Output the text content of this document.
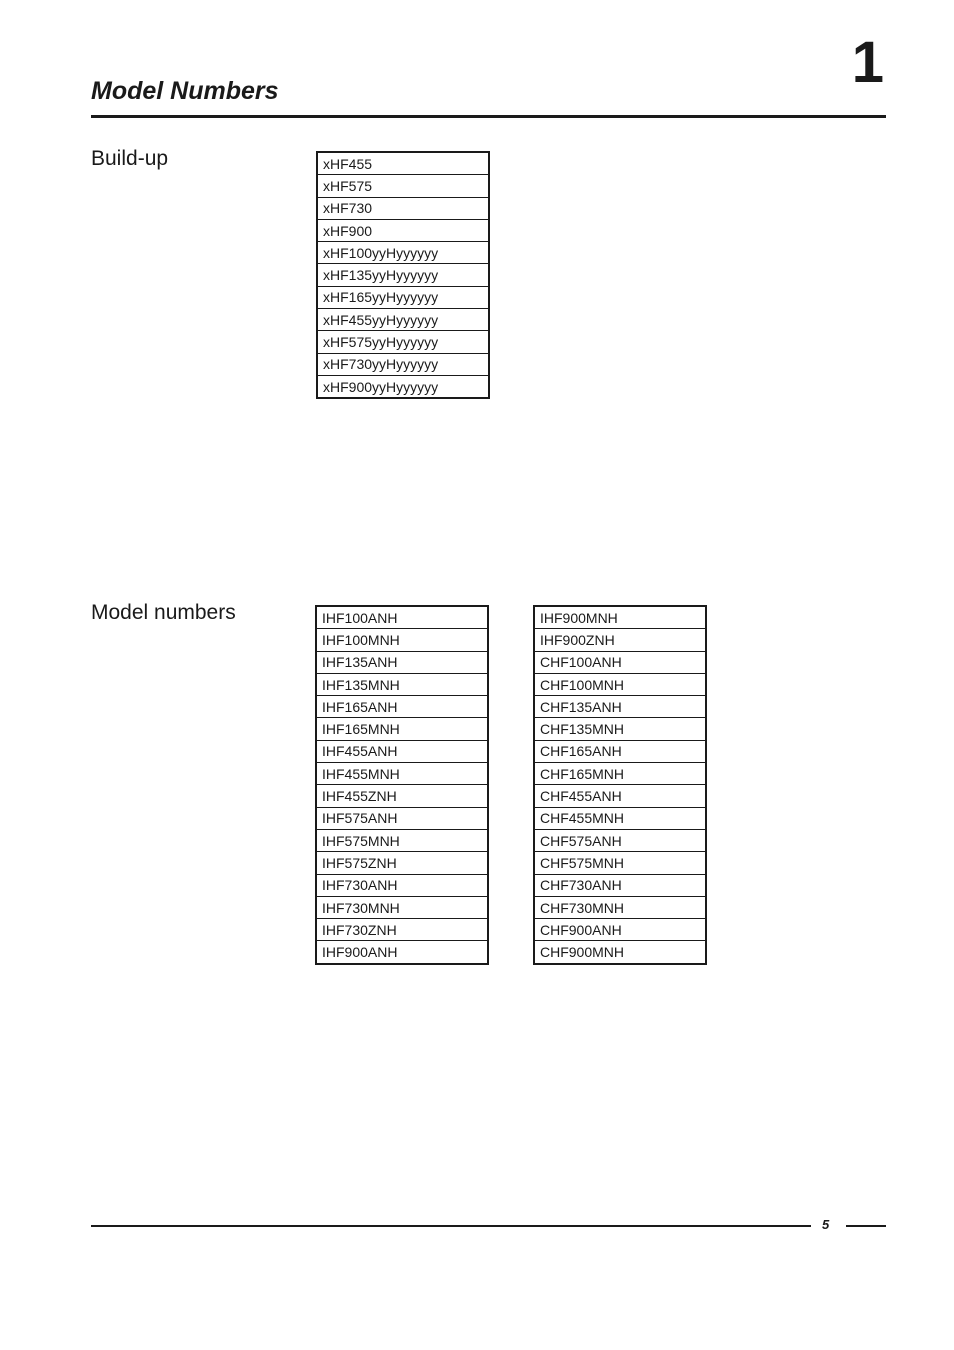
1
Model Numbers
Build-up	xHF455
xHF575
xHF730
xHF900
xHF100yyHyyyyyy
xHF135yyHyyyyyy
xHF165yyHyyyyyy
xHF455yyHyyyyyy
xHF575yyHyyyyyy
xHF730yyHyyyyyy
xHF900yyHyyyyyy
Model numbers	IHF100ANH
IHF100MNH
IHF135ANH
IHF135MNH
IHF165ANH
IHF165MNH
IHF455ANH
IHF455MNH
IHF455ZNH
IHF575ANH
IHF575MNH
IHF575ZNH
IHF730ANH
IHF730MNH
IHF730ZNH
IHF900ANH
IHF900MNH
IHF900ZNH
CHF100ANH
CHF100MNH
CHF135ANH
CHF135MNH
CHF165ANH
CHF165MNH
CHF455ANH
CHF455MNH
CHF575ANH
CHF575MNH
CHF730ANH
CHF730MNH
CHF900ANH
CHF900MNH
5
